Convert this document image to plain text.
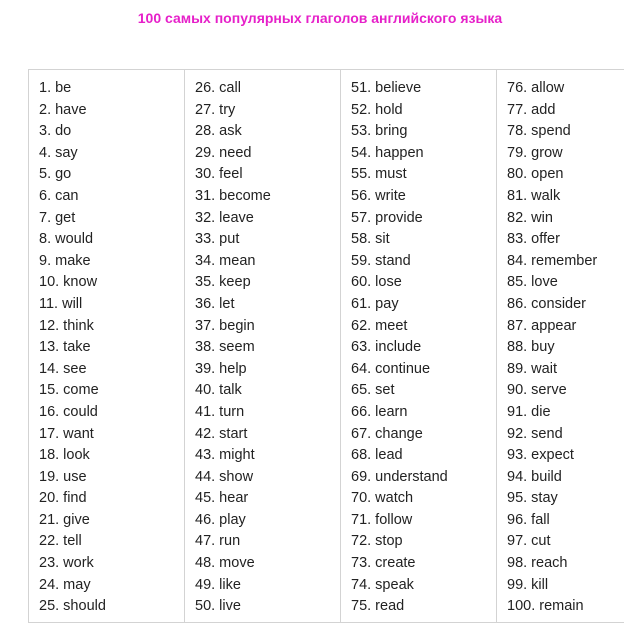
100 самых популярных глаголов английского языка
1. be
2. have
3. do
4. say
5. go
6. can
7. get
8. would
9. make
10. know
11. will
12. think
13. take
14. see
15. come
16. could
17. want
18. look
19. use
20. find
21. give
22. tell
23. work
24. may
25. should

26. call
27. try
28. ask
29. need
30. feel
31. become
32. leave
33. put
34. mean
35. keep
36. let
37. begin
38. seem
39. help
40. talk
41. turn
42. start
43. might
44. show
45. hear
46. play
47. run
48. move
49. like
50. live

51. believe
52. hold
53. bring
54. happen
55. must
56. write
57. provide
58. sit
59. stand
60. lose
61. pay
62. meet
63. include
64. continue
65. set
66. learn
67. change
68. lead
69. understand
70. watch
71. follow
72. stop
73. create
74. speak
75. read

76. allow
77. add
78. spend
79. grow
80. open
81. walk
82. win
83. offer
84. remember
85. love
86. consider
87. appear
88. buy
89. wait
90. serve
91. die
92. send
93. expect
94. build
95. stay
96. fall
97. cut
98. reach
99. kill
100. remain
